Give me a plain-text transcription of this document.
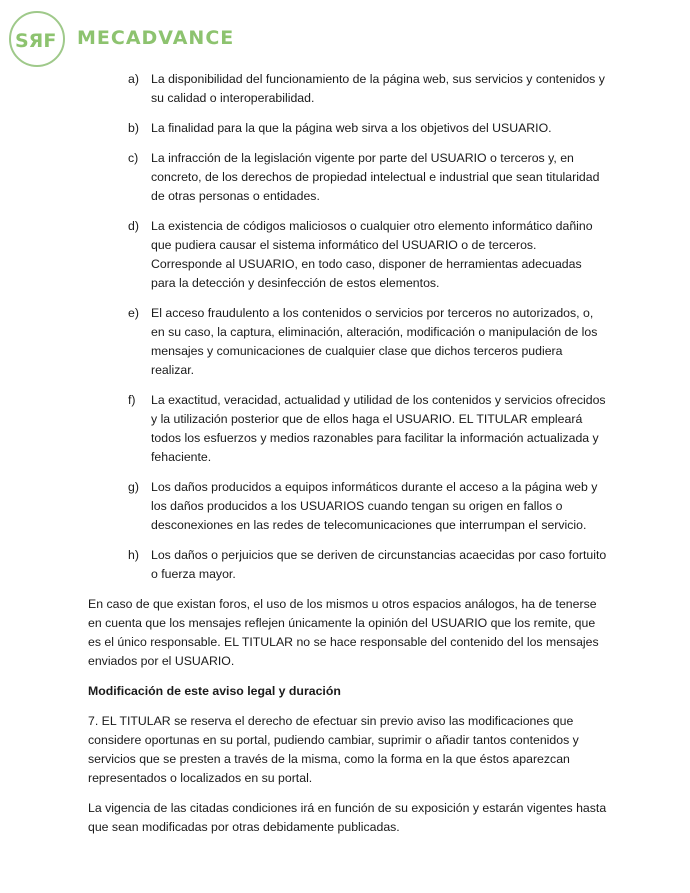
SЯF MECADVANCE
a) La disponibilidad del funcionamiento de la página web, sus servicios y contenidos y su calidad o interoperabilidad.
b) La finalidad para la que la página web sirva a los objetivos del USUARIO.
c) La infracción de la legislación vigente por parte del USUARIO o terceros y, en concreto, de los derechos de propiedad intelectual e industrial que sean titularidad de otras personas o entidades.
d) La existencia de códigos maliciosos o cualquier otro elemento informático dañino que pudiera causar el sistema informático del USUARIO o de terceros. Corresponde al USUARIO, en todo caso, disponer de herramientas adecuadas para la detección y desinfección de estos elementos.
e) El acceso fraudulento a los contenidos o servicios por terceros no autorizados, o, en su caso, la captura, eliminación, alteración, modificación o manipulación de los mensajes y comunicaciones de cualquier clase que dichos terceros pudiera realizar.
f) La exactitud, veracidad, actualidad y utilidad de los contenidos y servicios ofrecidos y la utilización posterior que de ellos haga el USUARIO. EL TITULAR empleará todos los esfuerzos y medios razonables para facilitar la información actualizada y fehaciente.
g) Los daños producidos a equipos informáticos durante el acceso a la página web y los daños producidos a los USUARIOS cuando tengan su origen en fallos o desconexiones en las redes de telecomunicaciones que interrumpan el servicio.
h) Los daños o perjuicios que se deriven de circunstancias acaecidas por caso fortuito o fuerza mayor.

En caso de que existan foros, el uso de los mismos u otros espacios análogos, ha de tenerse en cuenta que los mensajes reflejen únicamente la opinión del USUARIO que los remite, que es el único responsable. EL TITULAR no se hace responsable del contenido del los mensajes enviados por el USUARIO.

Modificación de este aviso legal y duración

7. EL TITULAR se reserva el derecho de efectuar sin previo aviso las modificaciones que considere oportunas en su portal, pudiendo cambiar, suprimir o añadir tantos contenidos y servicios que se presten a través de la misma, como la forma en la que éstos aparezcan representados o localizados en su portal.

La vigencia de las citadas condiciones irá en función de su exposición y estarán vigentes hasta que sean modificadas por otras debidamente publicadas.
